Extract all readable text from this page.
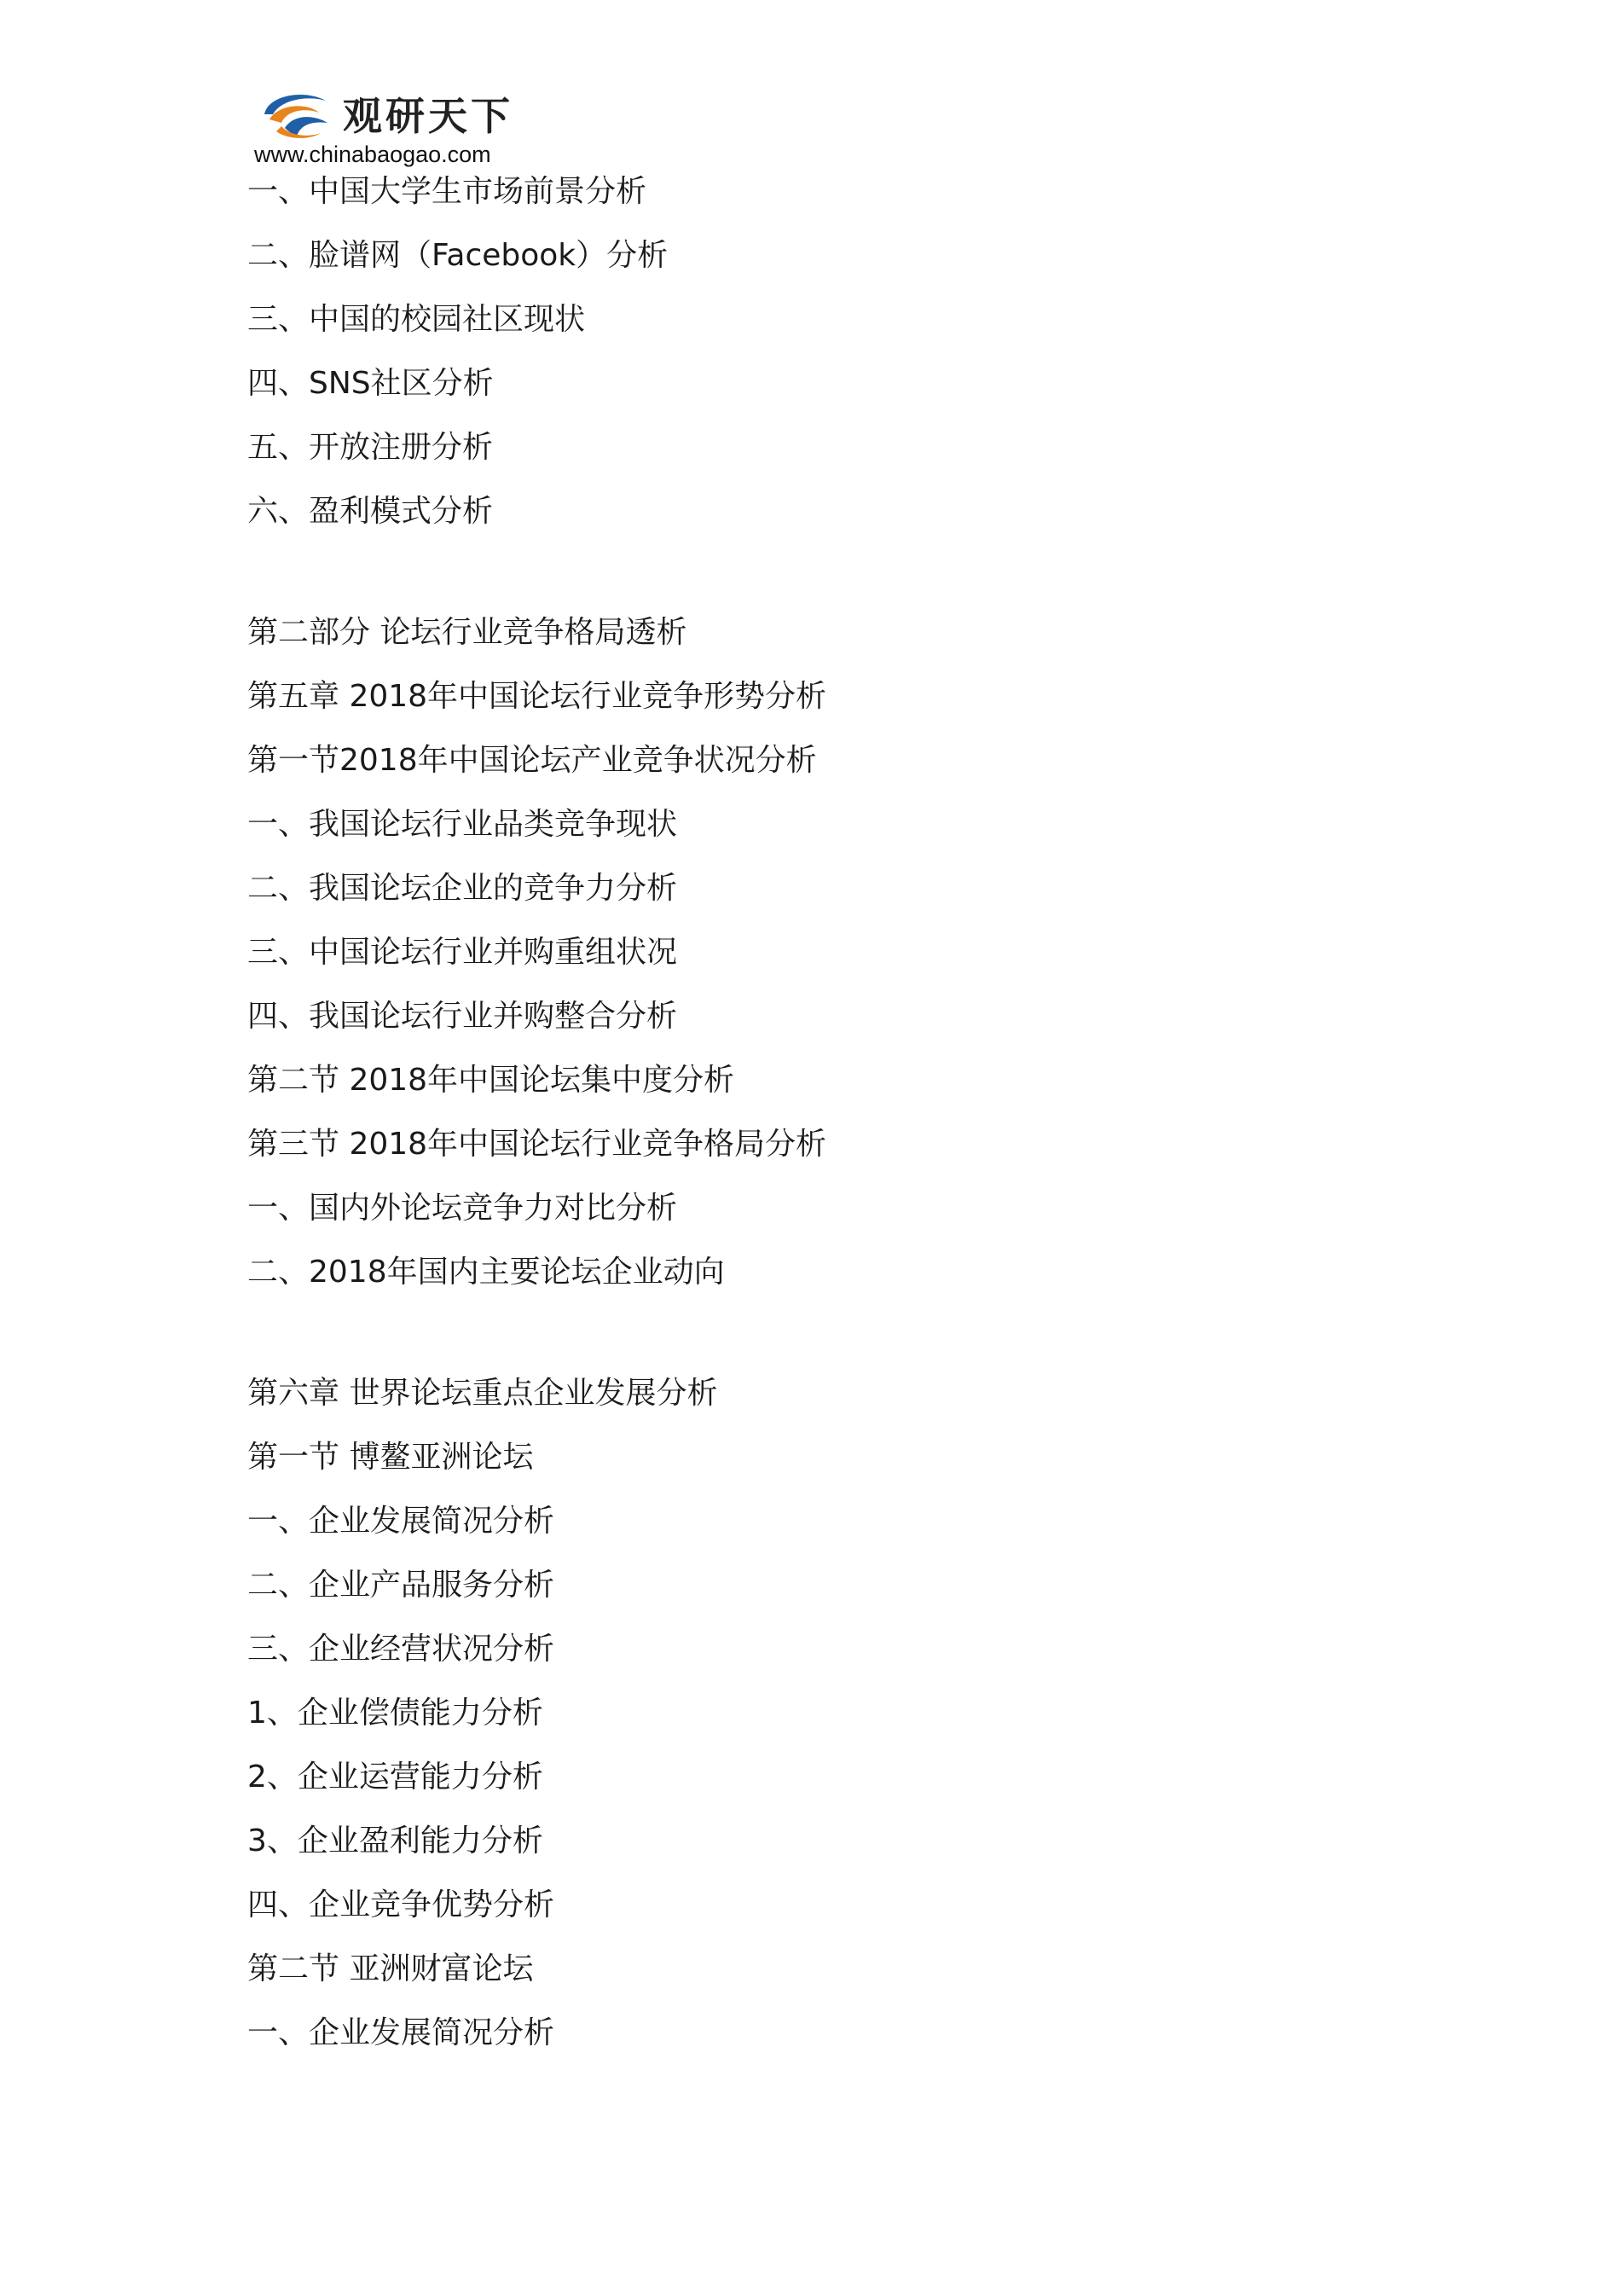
观研天下
www.chinabaogao.com
一、中国大学生市场前景分析
二、脸谱网（Facebook）分析
三、中国的校园社区现状
四、SNS社区分析
五、开放注册分析
六、盈利模式分析
第二部分 论坛行业竞争格局透析
第五章 2018年中国论坛行业竞争形势分析
第一节2018年中国论坛产业竞争状况分析
一、我国论坛行业品类竞争现状
二、我国论坛企业的竞争力分析
三、中国论坛行业并购重组状况
四、我国论坛行业并购整合分析
第二节 2018年中国论坛集中度分析
第三节 2018年中国论坛行业竞争格局分析
一、国内外论坛竞争力对比分析
二、2018年国内主要论坛企业动向
第六章 世界论坛重点企业发展分析
第一节 博鳌亚洲论坛
一、企业发展简况分析
二、企业产品服务分析
三、企业经营状况分析
1、企业偿债能力分析
2、企业运营能力分析
3、企业盈利能力分析
四、企业竞争优势分析
第二节 亚洲财富论坛
一、企业发展简况分析
